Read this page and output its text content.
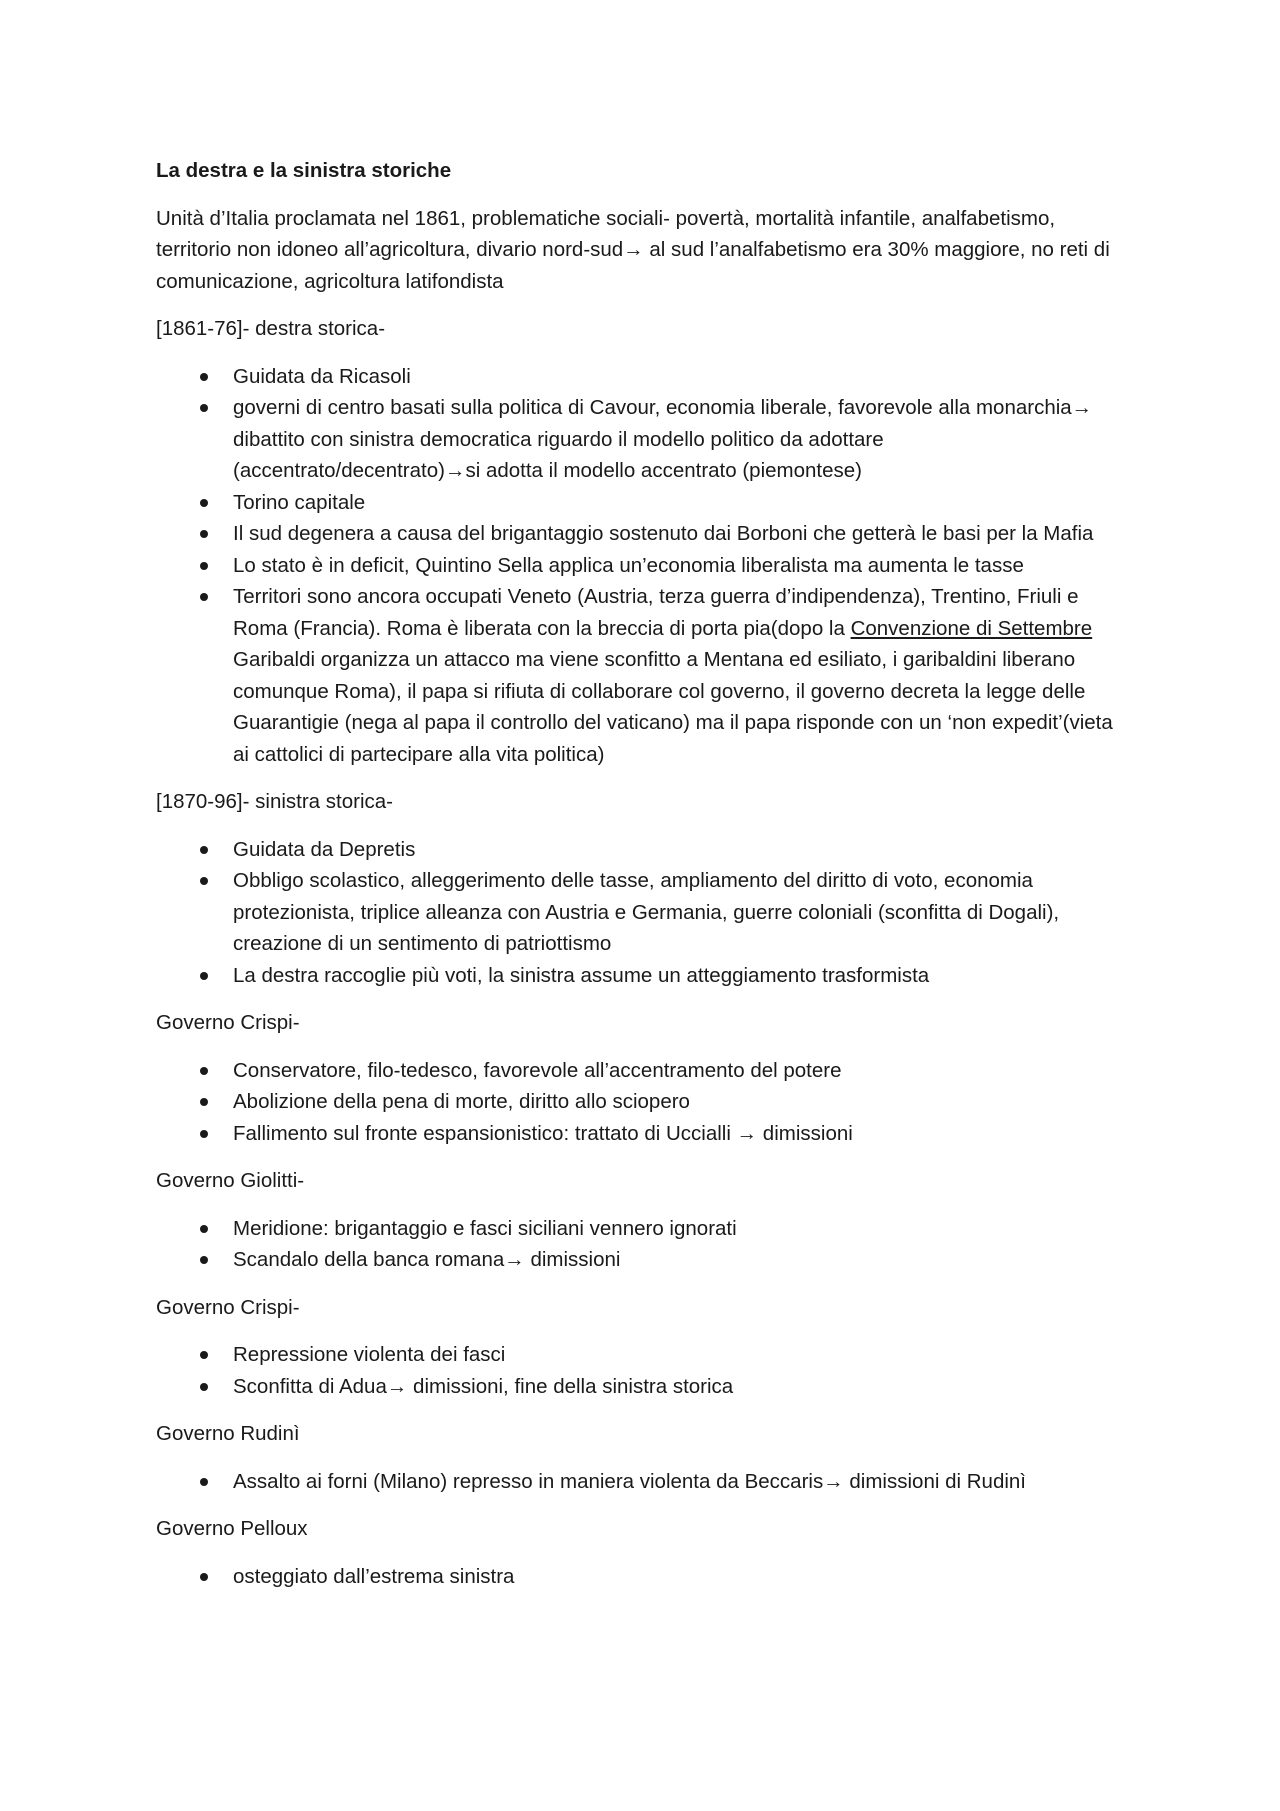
La destra e la sinistra storiche

Unità d’Italia proclamata nel 1861, problematiche sociali- povertà, mortalità infantile, analfabetismo, territorio non idoneo all’agricoltura, divario nord-sud→ al sud l’analfabetismo era 30% maggiore, no reti di comunicazione, agricoltura latifondista

[1861-76]- destra storica-

Guidata da Ricasoli
governi di centro basati sulla politica di Cavour, economia liberale, favorevole alla monarchia→ dibattito con sinistra democratica riguardo il modello politico da adottare (accentrato/decentrato)→si adotta il modello accentrato (piemontese)
Torino capitale
Il sud degenera a causa del brigantaggio sostenuto dai Borboni che getterà le basi per la Mafia
Lo stato è in deficit, Quintino Sella applica un’economia liberalista ma aumenta le tasse
Territori sono ancora occupati Veneto (Austria, terza guerra d’indipendenza), Trentino, Friuli e Roma (Francia). Roma è liberata con la breccia di porta pia(dopo la Convenzione di Settembre Garibaldi organizza un attacco ma viene sconfitto a Mentana ed esiliato, i garibaldini liberano comunque Roma), il papa si rifiuta di collaborare col governo, il governo decreta la legge delle Guarantigie (nega al papa il controllo del vaticano) ma il papa risponde con un ‘non expedit’(vieta ai cattolici di partecipare alla vita politica)

[1870-96]- sinistra storica-

Guidata da Depretis
Obbligo scolastico, alleggerimento delle tasse, ampliamento del diritto di voto, economia protezionista, triplice alleanza con Austria e Germania, guerre coloniali (sconfitta di Dogali), creazione di un sentimento di patriottismo
La destra raccoglie più voti, la sinistra assume un atteggiamento trasformista

Governo Crispi-

Conservatore, filo-tedesco, favorevole all’accentramento del potere
Abolizione della pena di morte, diritto allo sciopero
Fallimento sul fronte espansionistico: trattato di Uccialli → dimissioni

Governo Giolitti-

Meridione: brigantaggio e fasci siciliani vennero ignorati
Scandalo della banca romana→ dimissioni

Governo Crispi-

Repressione violenta dei fasci
Sconfitta di Adua→ dimissioni, fine della sinistra storica

Governo Rudinì

Assalto ai forni (Milano) represso in maniera violenta da Beccaris→ dimissioni di Rudinì

Governo Pelloux

osteggiato dall’estrema sinistra
